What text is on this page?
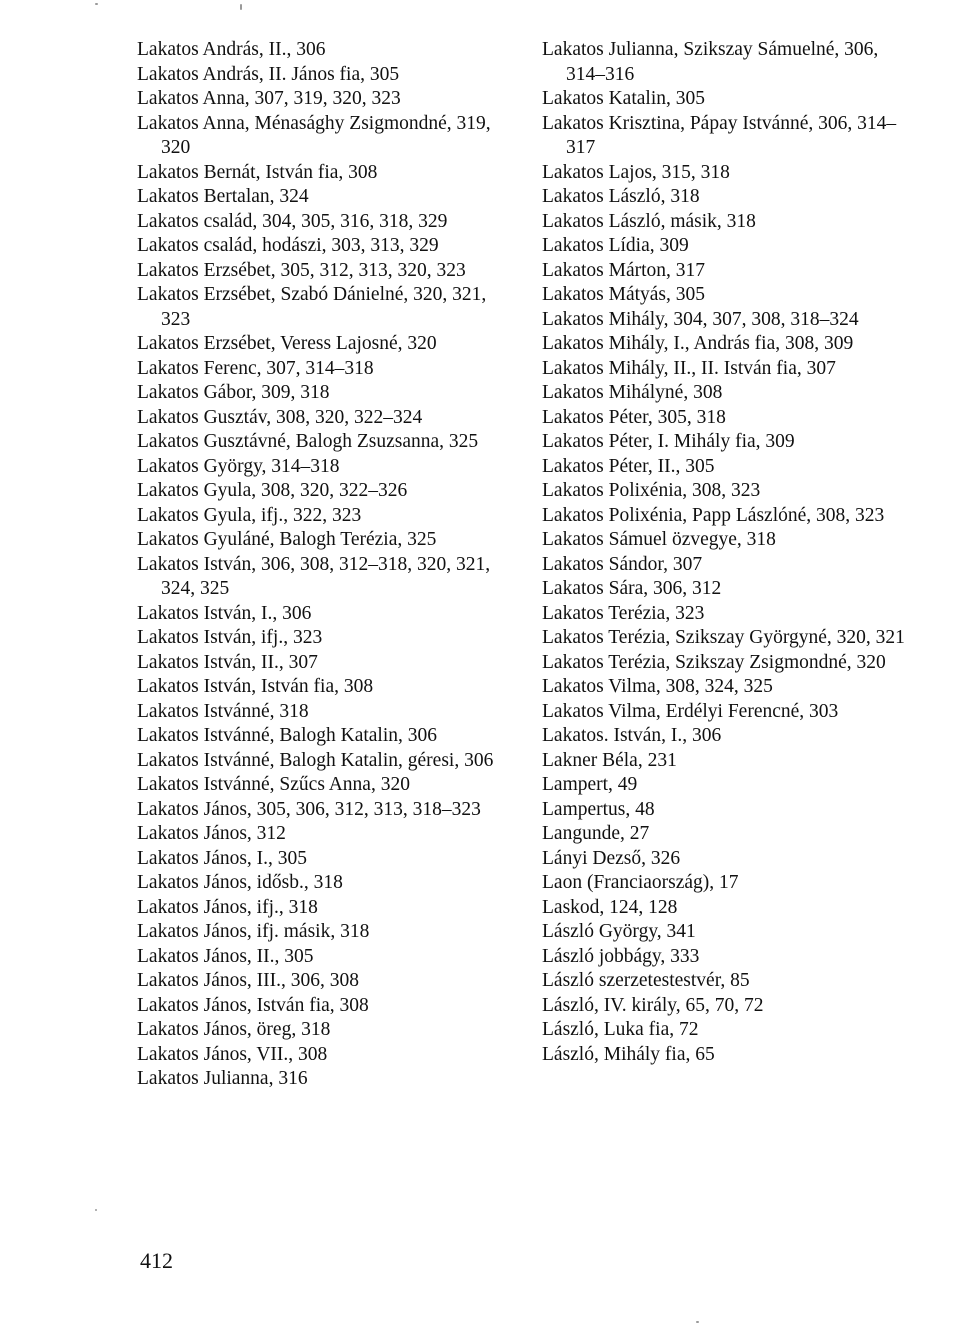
Lakatos András, II., 306
Lakatos András, II. János fia, 305
Lakatos Anna, 307, 319, 320, 323
Lakatos Anna, Ménasághy Zsigmondné, 319, 320
Lakatos Bernát, István fia, 308
Lakatos Bertalan, 324
Lakatos család, 304, 305, 316, 318, 329
Lakatos család, hodászi, 303, 313, 329
Lakatos Erzsébet, 305, 312, 313, 320, 323
Lakatos Erzsébet, Szabó Dánielné, 320, 321, 323
Lakatos Erzsébet, Veress Lajosné, 320
Lakatos Ferenc, 307, 314–318
Lakatos Gábor, 309, 318
Lakatos Gusztáv, 308, 320, 322–324
Lakatos Gusztávné, Balogh Zsuzsanna, 325
Lakatos György, 314–318
Lakatos Gyula, 308, 320, 322–326
Lakatos Gyula, ifj., 322, 323
Lakatos Gyuláné, Balogh Terézia, 325
Lakatos István, 306, 308, 312–318, 320, 321, 324, 325
Lakatos István, I., 306
Lakatos István, ifj., 323
Lakatos István, II., 307
Lakatos István, István fia, 308
Lakatos Istvánné, 318
Lakatos Istvánné, Balogh Katalin, 306
Lakatos Istvánné, Balogh Katalin, géresi, 306
Lakatos Istvánné, Szűcs Anna, 320
Lakatos János, 305, 306, 312, 313, 318–323
Lakatos János, 312
Lakatos János, I., 305
Lakatos János, idősb., 318
Lakatos János, ifj., 318
Lakatos János, ifj. másik, 318
Lakatos János, II., 305
Lakatos János, III., 306, 308
Lakatos János, István fia, 308
Lakatos János, öreg, 318
Lakatos János, VII., 308
Lakatos Julianna, 316
Lakatos Julianna, Szikszay Sámuelné, 306, 314–316
Lakatos Katalin, 305
Lakatos Krisztina, Pápay Istvánné, 306, 314–317
Lakatos Lajos, 315, 318
Lakatos László, 318
Lakatos László, másik, 318
Lakatos Lídia, 309
Lakatos Márton, 317
Lakatos Mátyás, 305
Lakatos Mihály, 304, 307, 308, 318–324
Lakatos Mihály, I., András fia, 308, 309
Lakatos Mihály, II., II. István fia, 307
Lakatos Mihályné, 308
Lakatos Péter, 305, 318
Lakatos Péter, I. Mihály fia, 309
Lakatos Péter, II., 305
Lakatos Polixénia, 308, 323
Lakatos Polixénia, Papp Lászlóné, 308, 323
Lakatos Sámuel özvegye, 318
Lakatos Sándor, 307
Lakatos Sára, 306, 312
Lakatos Terézia, 323
Lakatos Terézia, Szikszay Györgyné, 320, 321
Lakatos Terézia, Szikszay Zsigmondné, 320
Lakatos Vilma, 308, 324, 325
Lakatos Vilma, Erdélyi Ferencné, 303
Lakatos. István, I., 306
Lakner Béla, 231
Lampert, 49
Lampertus, 48
Langunde, 27
Lányi Dezső, 326
Laon (Franciaország), 17
Laskod, 124, 128
László György, 341
László jobbágy, 333
László szerzetestestvér, 85
László, IV. király, 65, 70, 72
László, Luka fia, 72
László, Mihály fia, 65
412
